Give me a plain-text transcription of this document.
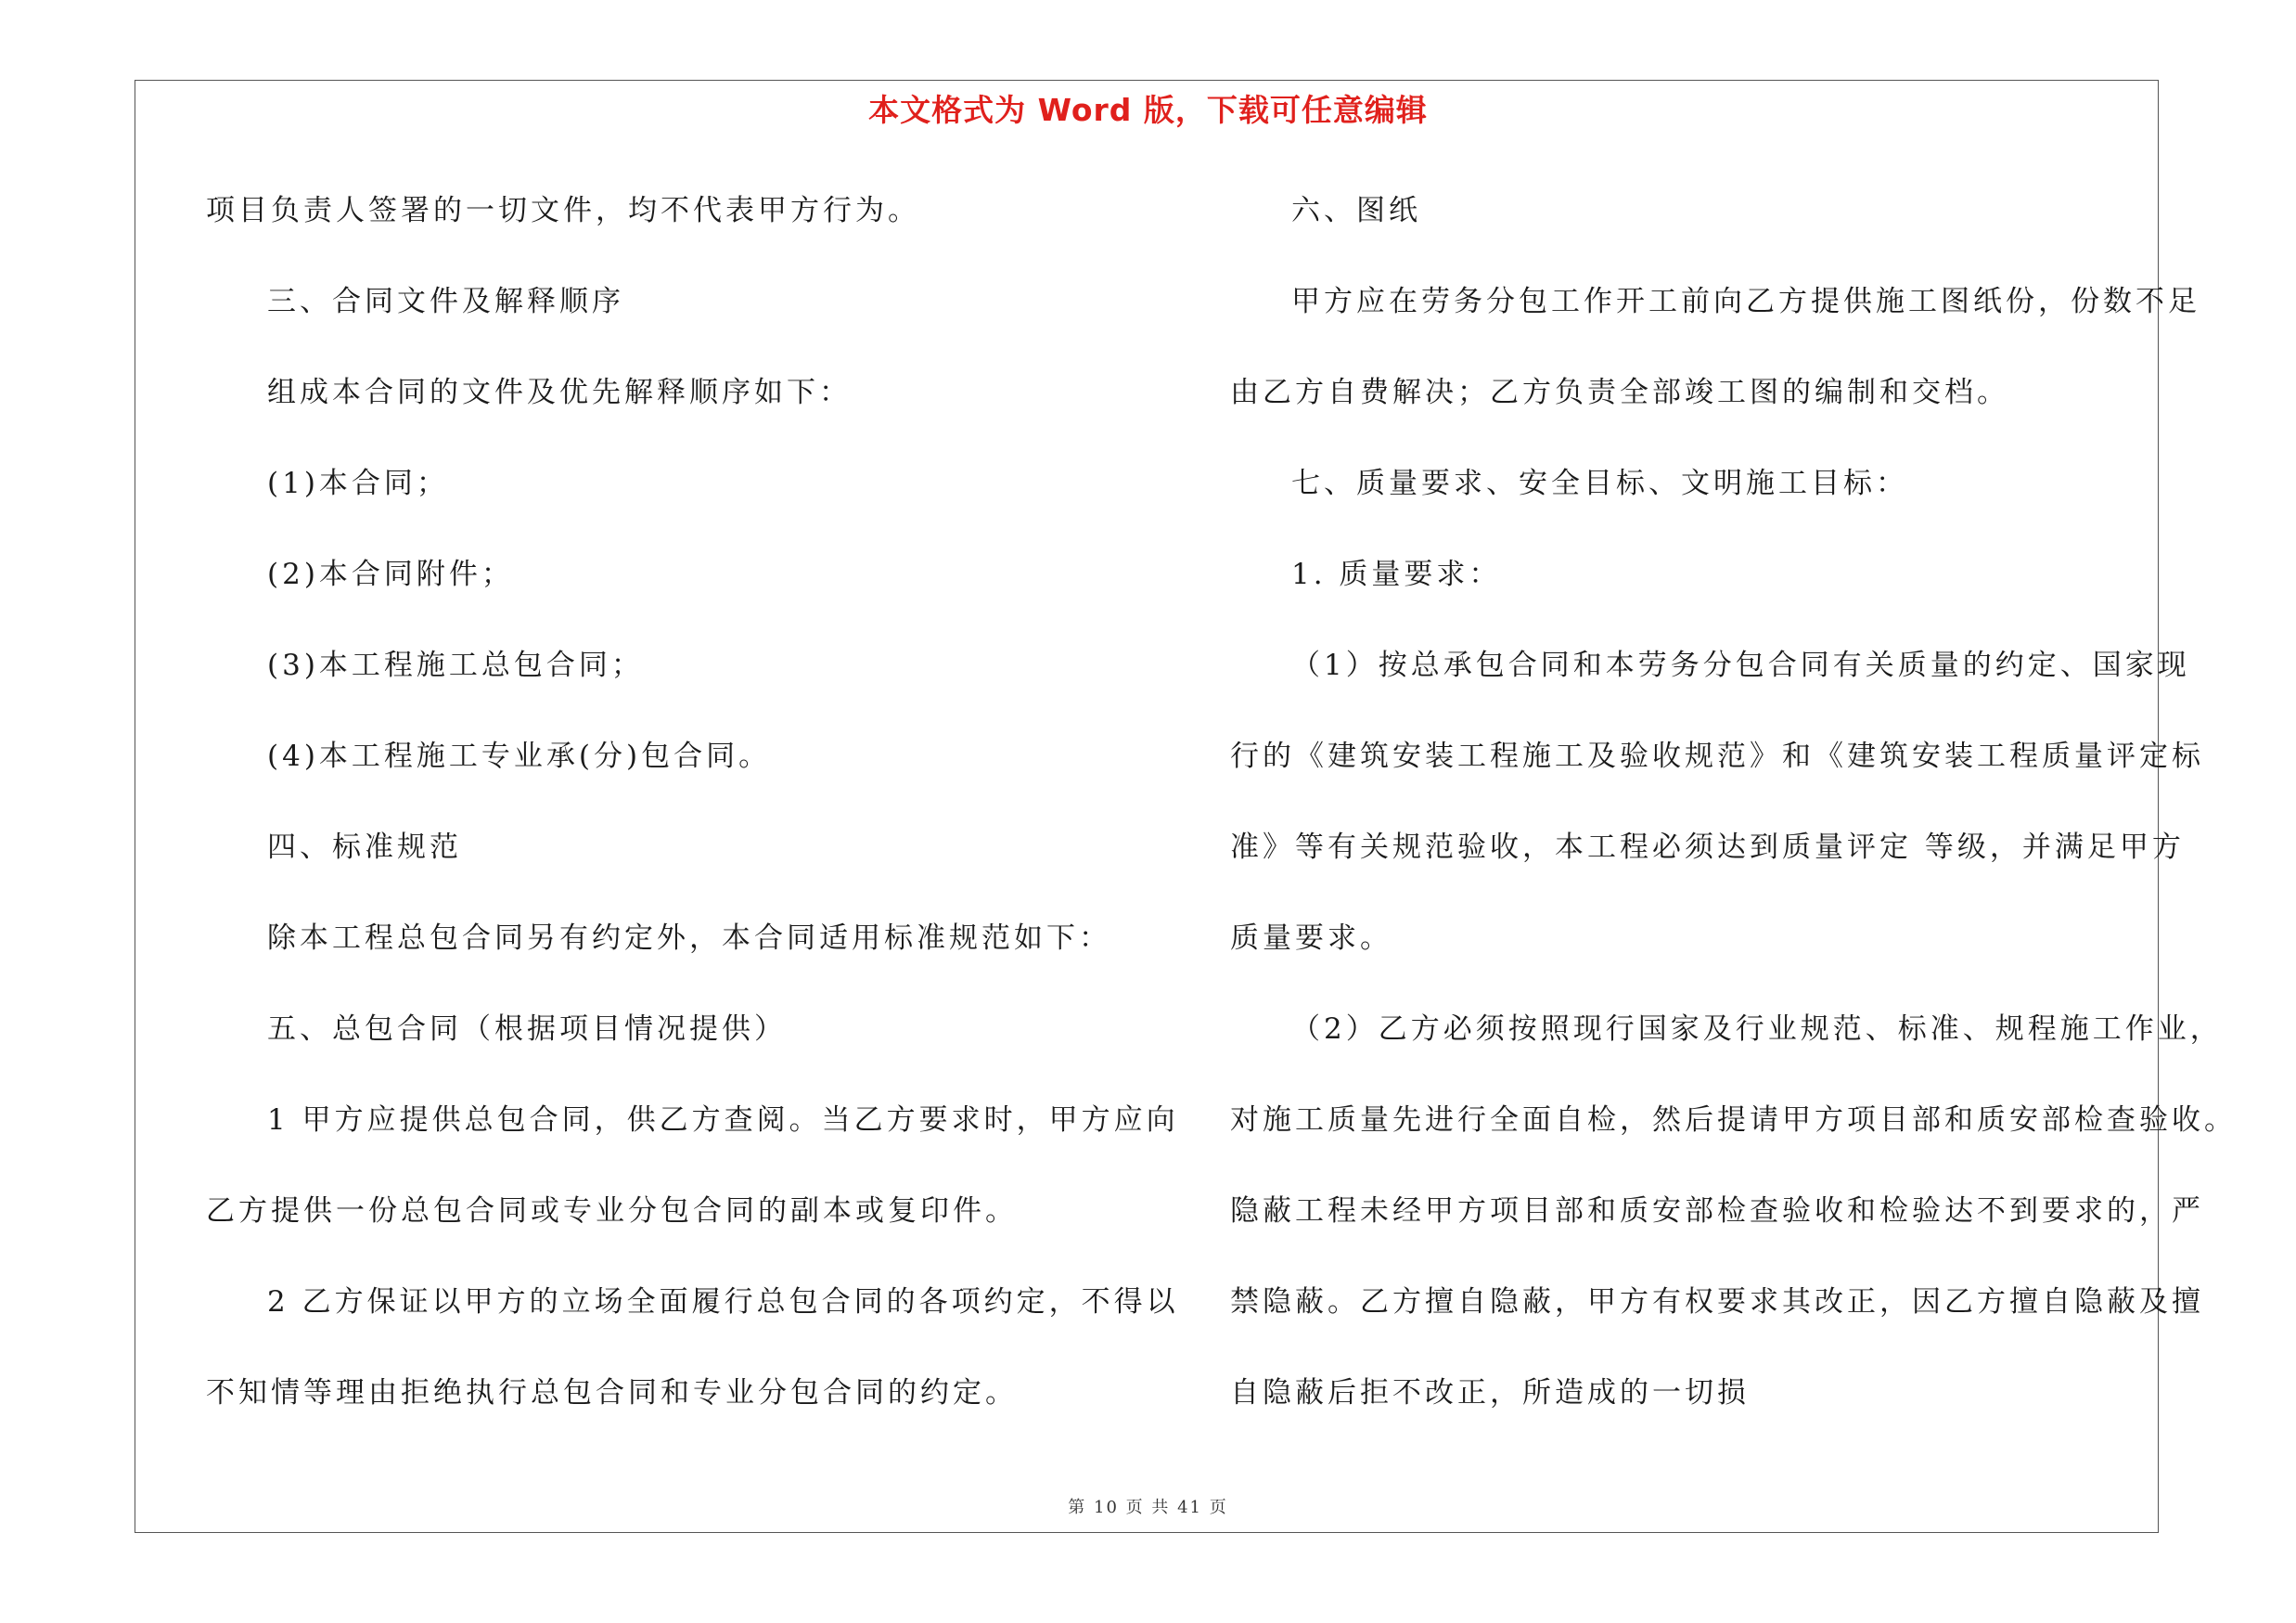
本文格式为 Word 版，下载可任意编辑
项目负责人签署的一切文件，均不代表甲方行为。
三、合同文件及解释顺序
组成本合同的文件及优先解释顺序如下：
(1)本合同；
(2)本合同附件；
(3)本工程施工总包合同；
(4)本工程施工专业承(分)包合同。
四、标准规范
除本工程总包合同另有约定外，本合同适用标准规范如下：
五、总包合同（根据项目情况提供）
1 甲方应提供总包合同，供乙方查阅。当乙方要求时，甲方应向
乙方提供一份总包合同或专业分包合同的副本或复印件。
2 乙方保证以甲方的立场全面履行总包合同的各项约定，不得以
不知情等理由拒绝执行总包合同和专业分包合同的约定。
六、图纸
甲方应在劳务分包工作开工前向乙方提供施工图纸份，份数不足
由乙方自费解决；乙方负责全部竣工图的编制和交档。
七、质量要求、安全目标、文明施工目标：
1. 质量要求：
（1）按总承包合同和本劳务分包合同有关质量的约定、国家现
行的《建筑安装工程施工及验收规范》和《建筑安装工程质量评定标
准》等有关规范验收，本工程必须达到质量评定 等级，并满足甲方
质量要求。
（2）乙方必须按照现行国家及行业规范、标准、规程施工作业，
对施工质量先进行全面自检，然后提请甲方项目部和质安部检查验收。
隐蔽工程未经甲方项目部和质安部检查验收和检验达不到要求的，严
禁隐蔽。乙方擅自隐蔽，甲方有权要求其改正，因乙方擅自隐蔽及擅
自隐蔽后拒不改正，所造成的一切损
第 10 页 共 41 页
